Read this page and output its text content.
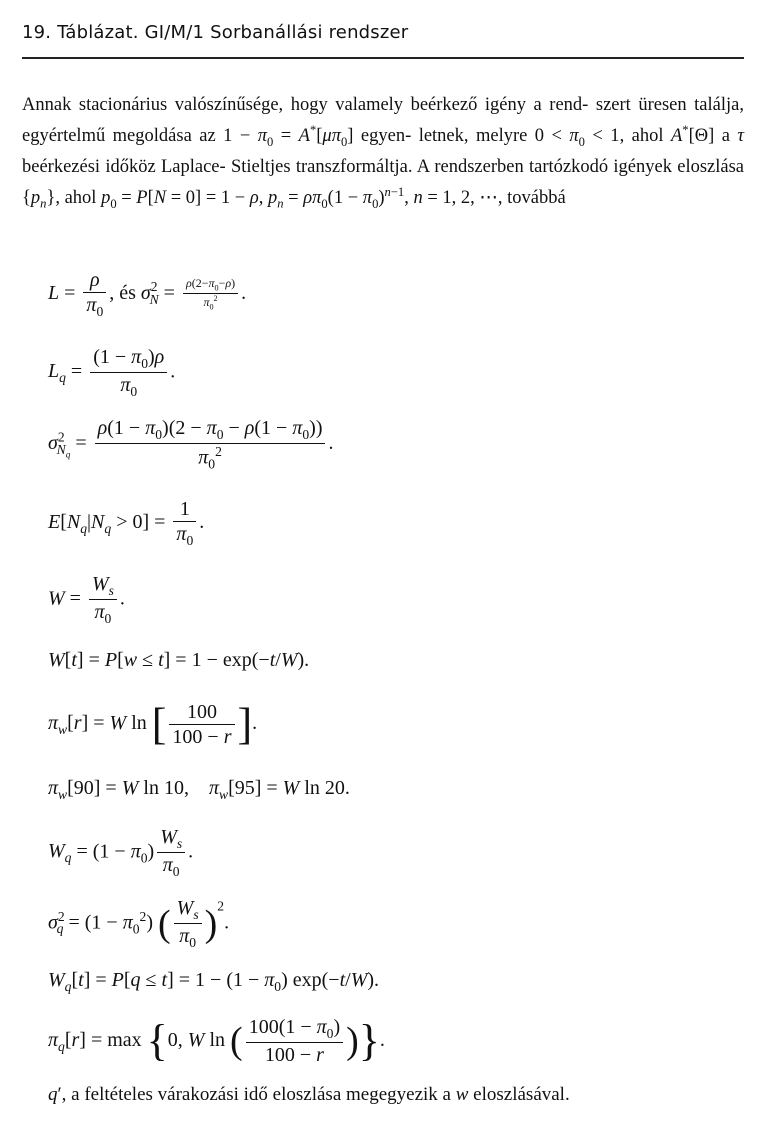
19. Táblázat. GI/M/1 Sorbanállási rendszer
Annak stacionárius valószínűsége, hogy valamely beérkező igény a rend- szert üresen találja, egyértelmű megoldása az $1 - \pi_0 = A^*[\mu\pi_0]$ egyen- letnek, melyre $0 < \pi_0 < 1$, ahol A*[Θ] a τ beérkezési időköz Laplace- Stieltjes transzformáltja. A rendszerben tartózkodó igények eloszlása $\{p_n\}$, ahol $p_0 = P[N = 0] = 1 - \rho$, $p_n = \rho\pi_0(1 - \pi_0)^{n-1}$, n = 1, 2, ⋯, továbbá
$L = \frac{\rho}{\pi_0}$ , és $\sigma^2_N = \frac{\rho(2-\pi_0-\rho)}{\pi_0^2}$ .
$L_q = \frac{(1 - \pi_0)\rho}{\pi_0}$ .
$\sigma^2_{N_q} = \frac{\rho(1 - \pi_0)(2 - \pi_0 - \rho(1 - \pi_0))}{\pi_0^2}$ .
$E[N_q|N_q > 0] = \frac{1}{\pi_0}$ .
$W = \frac{W_s}{\pi_0}$ .
W[t] = P[w ≤ t] = 1 − exp(−t/W).
$\pi_w[r] = W$ ln [ $\frac{100}{100 - r}$ ].
$\pi_w[90] = W$ ln 10,    $\pi_w[95] = W$ ln 20.
$W_q = (1 - \pi_0) \frac{W_s}{\pi_0}$ .
$\sigma^2_q = (1 - \pi_0^2)$ ( $\frac{W_s}{\pi_0} )^2$.
$W_q[t] = P[q \le t] = 1 - (1 - \pi_0)$ exp(−t/W).
$\pi_q[r] = \max \{0$, W ln ( $\frac{100(1 - \pi_0)}{100 - r}$ )}.
q′, a feltételes várakozási idő eloszlása megegyezik a w eloszlásával.
